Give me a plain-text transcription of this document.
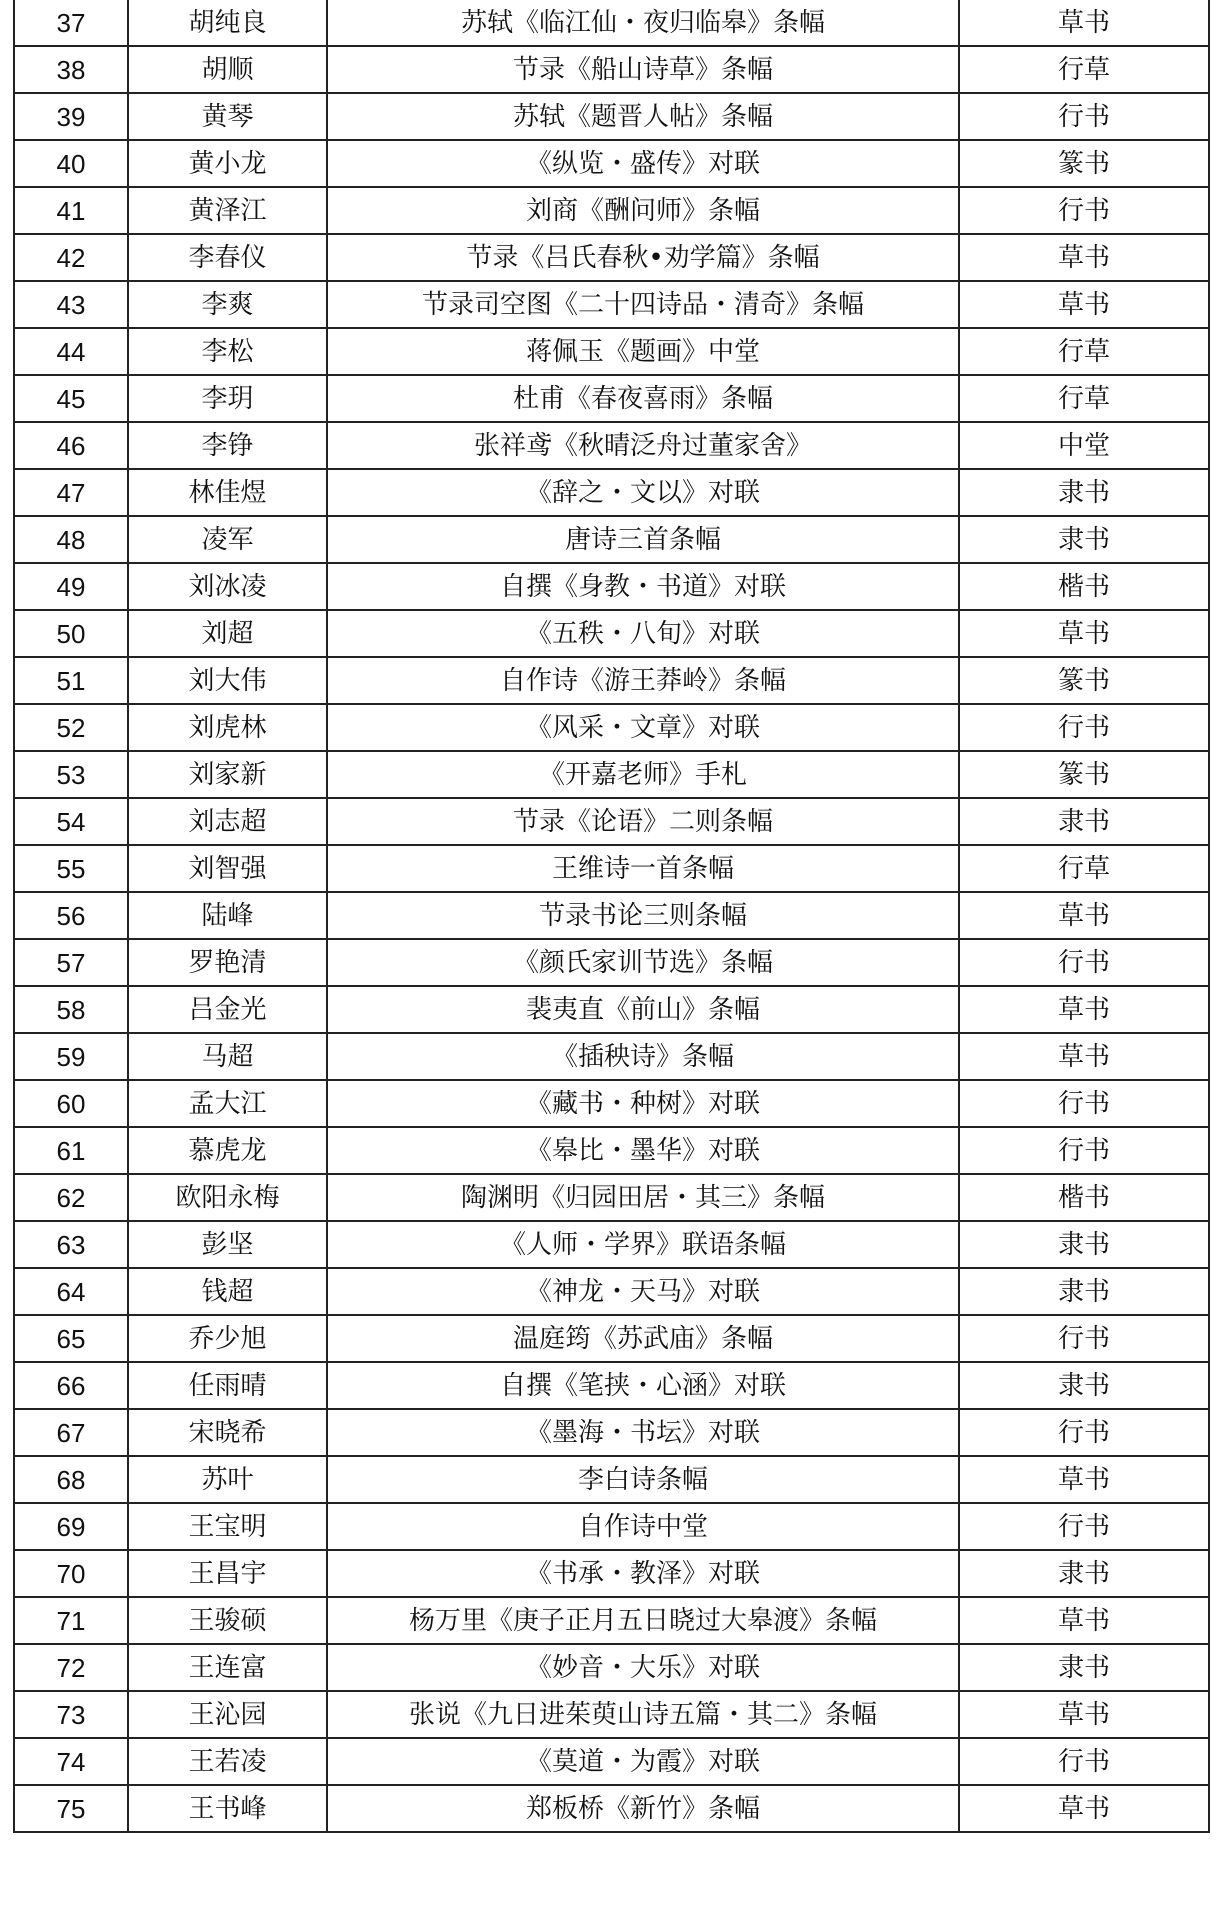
37	胡纯良	苏轼《临江仙・夜归临皋》条幅	草书
38	胡顺	节录《船山诗草》条幅	行草
39	黄琴	苏轼《题晋人帖》条幅	行书
40	黄小龙	《纵览・盛传》对联	篆书
41	黄泽江	刘商《酬问师》条幅	行书
42	李春仪	节录《吕氏春秋•劝学篇》条幅	草书
43	李爽	节录司空图《二十四诗品・清奇》条幅	草书
44	李松	蒋佩玉《题画》中堂	行草
45	李玥	杜甫《春夜喜雨》条幅	行草
46	李铮	张祥鸢《秋晴泛舟过董家舍》	中堂
47	林佳煜	《辞之・文以》对联	隶书
48	凌军	唐诗三首条幅	隶书
49	刘冰凌	自撰《身教・书道》对联	楷书
50	刘超	《五秩・八旬》对联	草书
51	刘大伟	自作诗《游王莽岭》条幅	篆书
52	刘虎林	《风采・文章》对联	行书
53	刘家新	《开嘉老师》手札	篆书
54	刘志超	节录《论语》二则条幅	隶书
55	刘智强	王维诗一首条幅	行草
56	陆峰	节录书论三则条幅	草书
57	罗艳清	《颜氏家训节选》条幅	行书
58	吕金光	裴夷直《前山》条幅	草书
59	马超	《插秧诗》条幅	草书
60	孟大江	《藏书・种树》对联	行书
61	慕虎龙	《皋比・墨华》对联	行书
62	欧阳永梅	陶渊明《归园田居・其三》条幅	楷书
63	彭坚	《人师・学界》联语条幅	隶书
64	钱超	《神龙・天马》对联	隶书
65	乔少旭	温庭筠《苏武庙》条幅	行书
66	任雨晴	自撰《笔挟・心涵》对联	隶书
67	宋晓希	《墨海・书坛》对联	行书
68	苏叶	李白诗条幅	草书
69	王宝明	自作诗中堂	行书
70	王昌宇	《书承・教泽》对联	隶书
71	王骏硕	杨万里《庚子正月五日晓过大皋渡》条幅	草书
72	王连富	《妙音・大乐》对联	隶书
73	王沁园	张说《九日进茱萸山诗五篇・其二》条幅	草书
74	王若凌	《莫道・为霞》对联	行书
75	王书峰	郑板桥《新竹》条幅	草书
